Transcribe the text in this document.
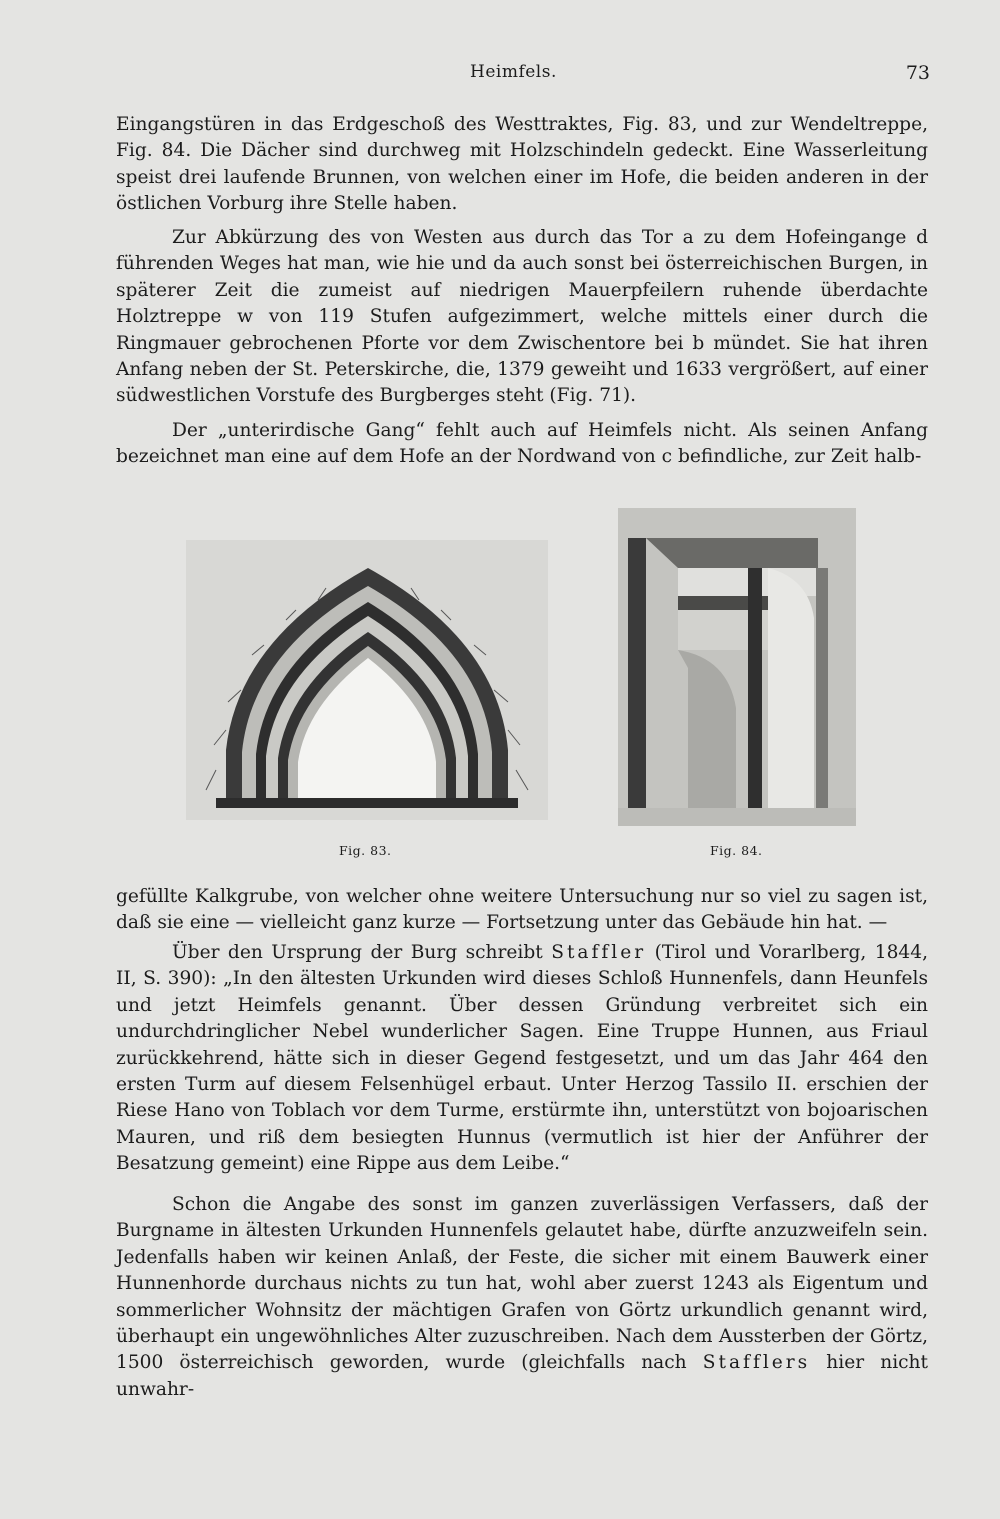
Heimfels.	73

Eingangstüren in das Erdgeschoß des Westtraktes, Fig. 83, und zur Wendeltreppe, Fig. 84. Die Dächer sind durchweg mit Holzschindeln gedeckt. Eine Wasserleitung speist drei laufende Brunnen, von welchen einer im Hofe, die beiden anderen in der östlichen Vorburg ihre Stelle haben.

Zur Abkürzung des von Westen aus durch das Tor a zu dem Hofeingange d führenden Weges hat man, wie hie und da auch sonst bei österreichischen Burgen, in späterer Zeit die zumeist auf niedrigen Mauerpfeilern ruhende überdachte Holztreppe w von 119 Stufen aufgezimmert, welche mittels einer durch die Ringmauer gebrochenen Pforte vor dem Zwischentore bei b mündet. Sie hat ihren Anfang neben der St. Peterskirche, die, 1379 geweiht und 1633 vergrößert, auf einer südwestlichen Vorstufe des Burgberges steht (Fig. 71).

Der „unterirdische Gang“ fehlt auch auf Heimfels nicht. Als seinen Anfang bezeichnet man eine auf dem Hofe an der Nordwand von c befindliche, zur Zeit halb-

Fig. 83.	Fig. 84.

gefüllte Kalkgrube, von welcher ohne weitere Untersuchung nur so viel zu sagen ist, daß sie eine — vielleicht ganz kurze — Fortsetzung unter das Gebäude hin hat. —

Über den Ursprung der Burg schreibt Staffler (Tirol und Vorarlberg, 1844, II, S. 390): „In den ältesten Urkunden wird dieses Schloß Hunnenfels, dann Heunfels und jetzt Heimfels genannt. Über dessen Gründung verbreitet sich ein undurchdringlicher Nebel wunderlicher Sagen. Eine Truppe Hunnen, aus Friaul zurückkehrend, hätte sich in dieser Gegend festgesetzt, und um das Jahr 464 den ersten Turm auf diesem Felsenhügel erbaut. Unter Herzog Tassilo II. erschien der Riese Hano von Toblach vor dem Turme, erstürmte ihn, unterstützt von bojoarischen Mauren, und riß dem besiegten Hunnus (vermutlich ist hier der Anführer der Besatzung gemeint) eine Rippe aus dem Leibe.“

Schon die Angabe des sonst im ganzen zuverlässigen Verfassers, daß der Burgname in ältesten Urkunden Hunnenfels gelautet habe, dürfte anzuzweifeln sein. Jedenfalls haben wir keinen Anlaß, der Feste, die sicher mit einem Bauwerk einer Hunnenhorde durchaus nichts zu tun hat, wohl aber zuerst 1243 als Eigentum und sommerlicher Wohnsitz der mächtigen Grafen von Görtz urkundlich genannt wird, überhaupt ein ungewöhnliches Alter zuzuschreiben. Nach dem Aussterben der Görtz, 1500 österreichisch geworden, wurde (gleichfalls nach Stafflers hier nicht unwahr-
